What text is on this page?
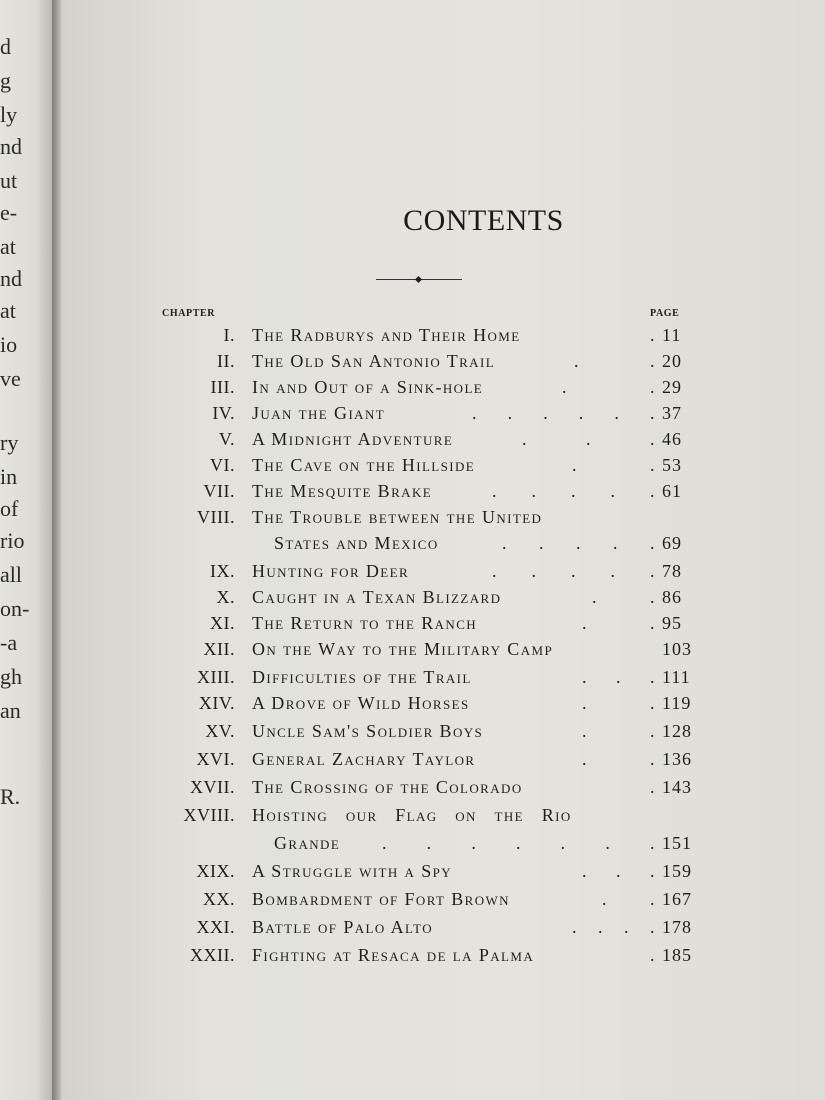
d
g
ly
nd
ut
e-
at
nd
at
io
ve
ry
in
of
rio
all
on-
-a
gh
an
R.
CONTENTS
CHAPTER	PAGE
I. The Radburys and Their Home	. 11
II. The Old San Antonio Trail	.	. 20
III. In and Out of a Sink-hole	.	. 29
IV. Juan the Giant	. . . . . . 37
V. A Midnight Adventure	.	.	. 46
VI. The Cave on the Hillside	.	. 53
VII. The Mesquite Brake	. . . . . 61
VIII. The Trouble between the United
States and Mexico	. . . . . 69
IX. Hunting for Deer	. . . . . 78
X. Caught in a Texan Blizzard	.	. 86
XI. The Return to the Ranch	.	. 95
XII. On the Way to the Military Camp	103
XIII. Difficulties of the Trail	. . . 111
XIV. A Drove of Wild Horses	.	. 119
XV. Uncle Sam's Soldier Boys	.	. 128
XVI. General Zachary Taylor	.	. 136
XVII. The Crossing of the Colorado	. 143
XVIII. Hoisting   our   Flag   on   the   Rio
Grande . . . . . . . 151
XIX. A Struggle with a Spy	. . . 159
XX. Bombardment of Fort Brown	. . 167
XXI. Battle of Palo Alto	. . . . 178
XXII. Fighting at Resaca de la Palma	. 185
